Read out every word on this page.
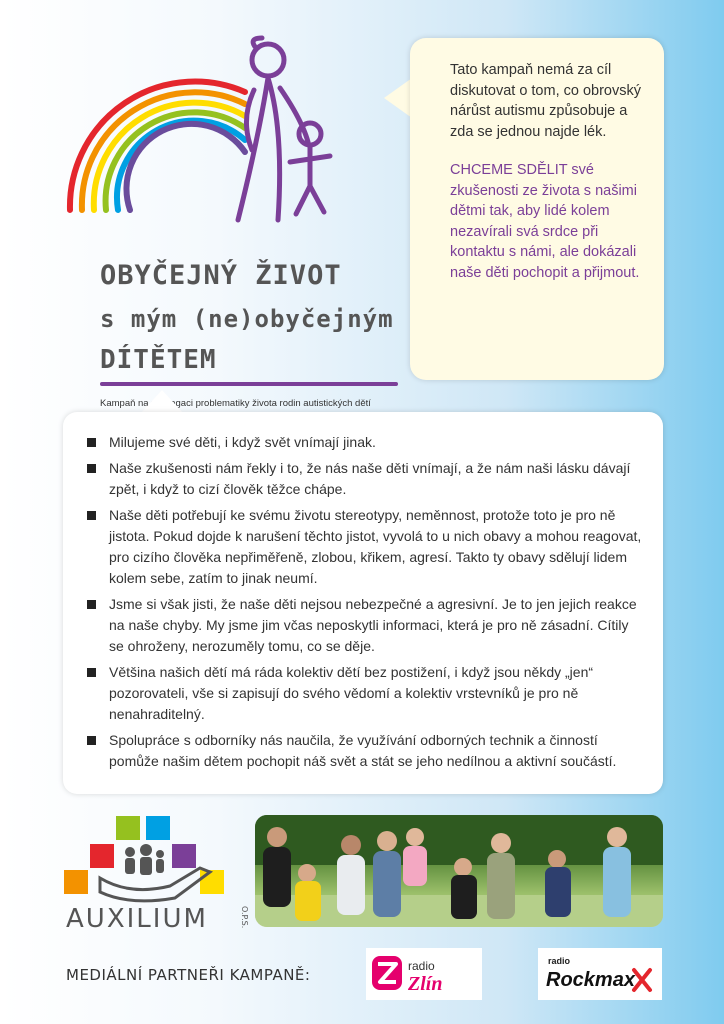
OBYČEJNÝ ŽIVOT
s mým (ne)obyčejným
DÍTĚTEM
Kampaň na propagaci problematiky života rodin autistických dětí

Tato kampaň nemá za cíl diskutovat o tom, co obrovský nárůst autismu způsobuje a zda se jednou najde lék.

CHCEME SDĚLIT své zkušenosti ze života s našimi dětmi tak, aby lidé kolem nezavírali svá srdce při kontaktu s námi, ale dokázali naše děti pochopit a přijmout.

Milujeme své děti, i když svět vnímají jinak.
Naše zkušenosti nám řekly i to, že nás naše děti vnímají, a že nám naši lásku dávají zpět, i když to cizí člověk těžce chápe.
Naše děti potřebují ke svému životu stereotypy, neměnnost, protože toto je pro ně jistota. Pokud dojde k narušení těchto jistot, vyvolá to u nich obavy a mohou reagovat, pro cizího člověka nepřiměřeně, zlobou, křikem, agresí. Takto ty obavy sdělují lidem kolem sebe, zatím to jinak neumí.
Jsme si však jisti, že naše děti nejsou nebezpečné a agresivní. Je to jen jejich reakce na naše chyby. My jsme jim včas neposkytli informaci, která je pro ně zásadní. Cítily se ohroženy, nerozuměly tomu, co se děje.
Většina našich dětí má ráda kolektiv dětí bez postižení, i když jsou někdy „jen“ pozorovateli, vše si zapisují do svého vědomí a kolektiv vrstevníků je pro ně nenahraditelný.
Spolupráce s odborníky nás naučila, že využívání odborných technik a činností pomůže našim dětem pochopit náš svět a stát se jeho nedílnou a aktivní součástí.
AUXILIUM	O.P.S.
MEDIÁLNÍ PARTNEŘI KAMPANĚ:	radio
Zlín
radio
Rockmax
